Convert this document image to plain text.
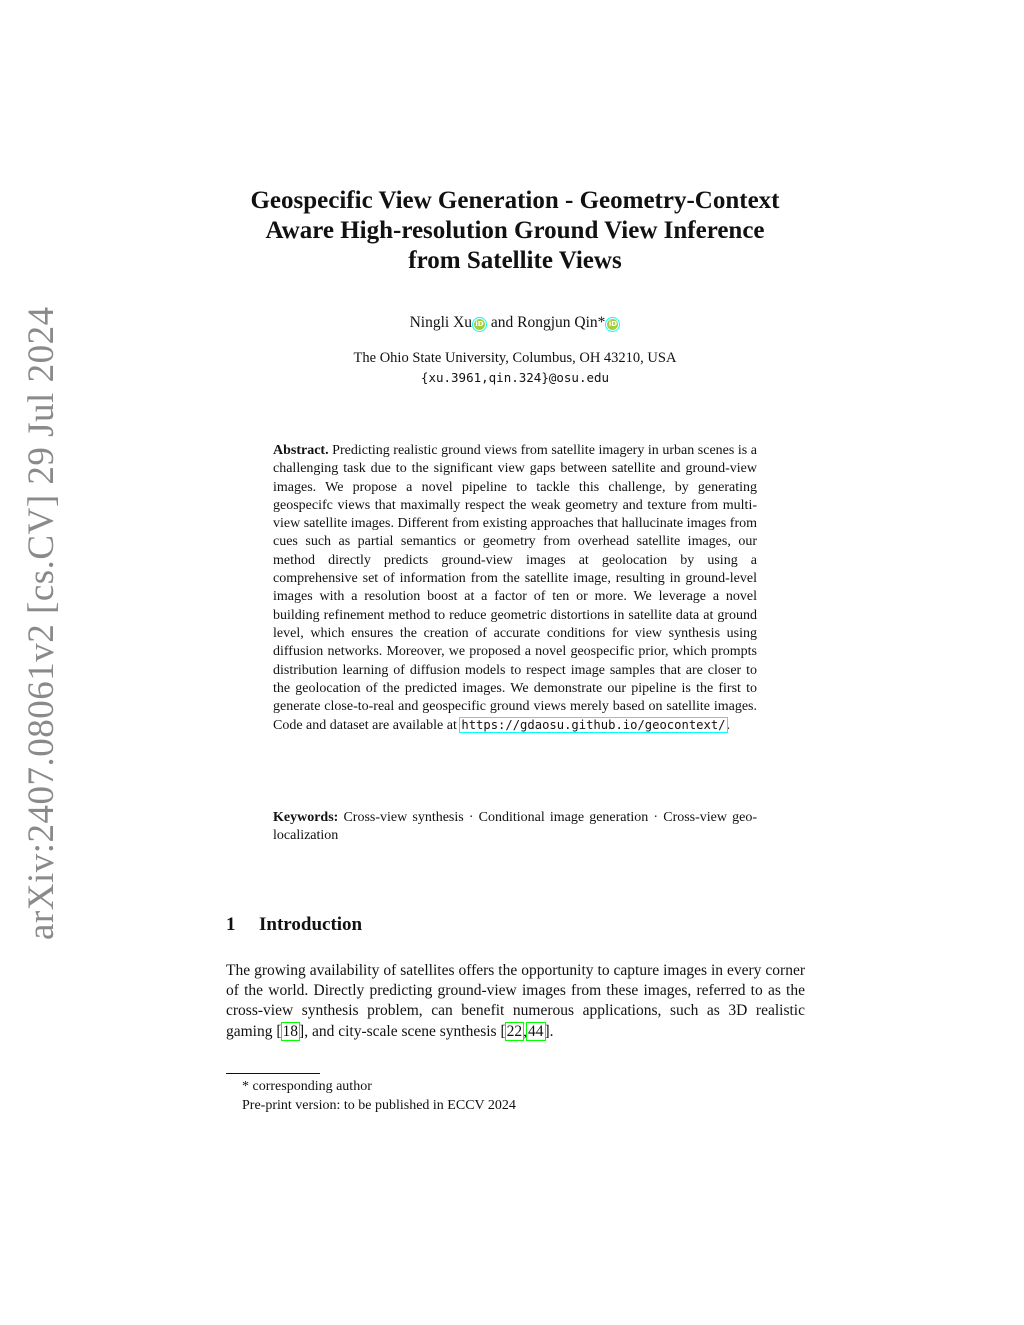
arXiv:2407.08061v2 [cs.CV] 29 Jul 2024
Geospecific View Generation - Geometry-Context
Aware High-resolution Ground View Inference
from Satellite Views
Ningli Xu iD and Rongjun Qin* iD
The Ohio State University, Columbus, OH 43210, USA
{xu.3961,qin.324}@osu.edu
Abstract. Predicting realistic ground views from satellite imagery in urban scenes is a challenging task due to the significant view gaps between satellite and ground-view images. We propose a novel pipeline to tackle this challenge, by generating geospecifc views that maximally respect the weak geometry and texture from multi-view satellite images. Different from existing approaches that hallucinate images from cues such as partial semantics or geometry from overhead satellite images, our method directly predicts ground-view images at geolocation by using a comprehensive set of information from the satellite image, resulting in ground-level images with a resolution boost at a factor of ten or more. We leverage a novel building refinement method to reduce geometric distortions in satellite data at ground level, which ensures the creation of accurate conditions for view synthesis using diffusion networks. Moreover, we proposed a novel geospecific prior, which prompts distribution learning of diffusion models to respect image samples that are closer to the geolocation of the predicted images. We demonstrate our pipeline is the first to generate close-to-real and geospecific ground views merely based on satellite images. Code and dataset are available at https://gdaosu.github.io/geocontext/.
Keywords: Cross-view synthesis · Conditional image generation · Cross-view geo-localization
1 Introduction
The growing availability of satellites offers the opportunity to capture images in every corner of the world. Directly predicting ground-view images from these images, referred to as the cross-view synthesis problem, can benefit numerous applications, such as 3D realistic gaming [18], and city-scale scene synthesis [22,44].
* corresponding author
Pre-print version: to be published in ECCV 2024
